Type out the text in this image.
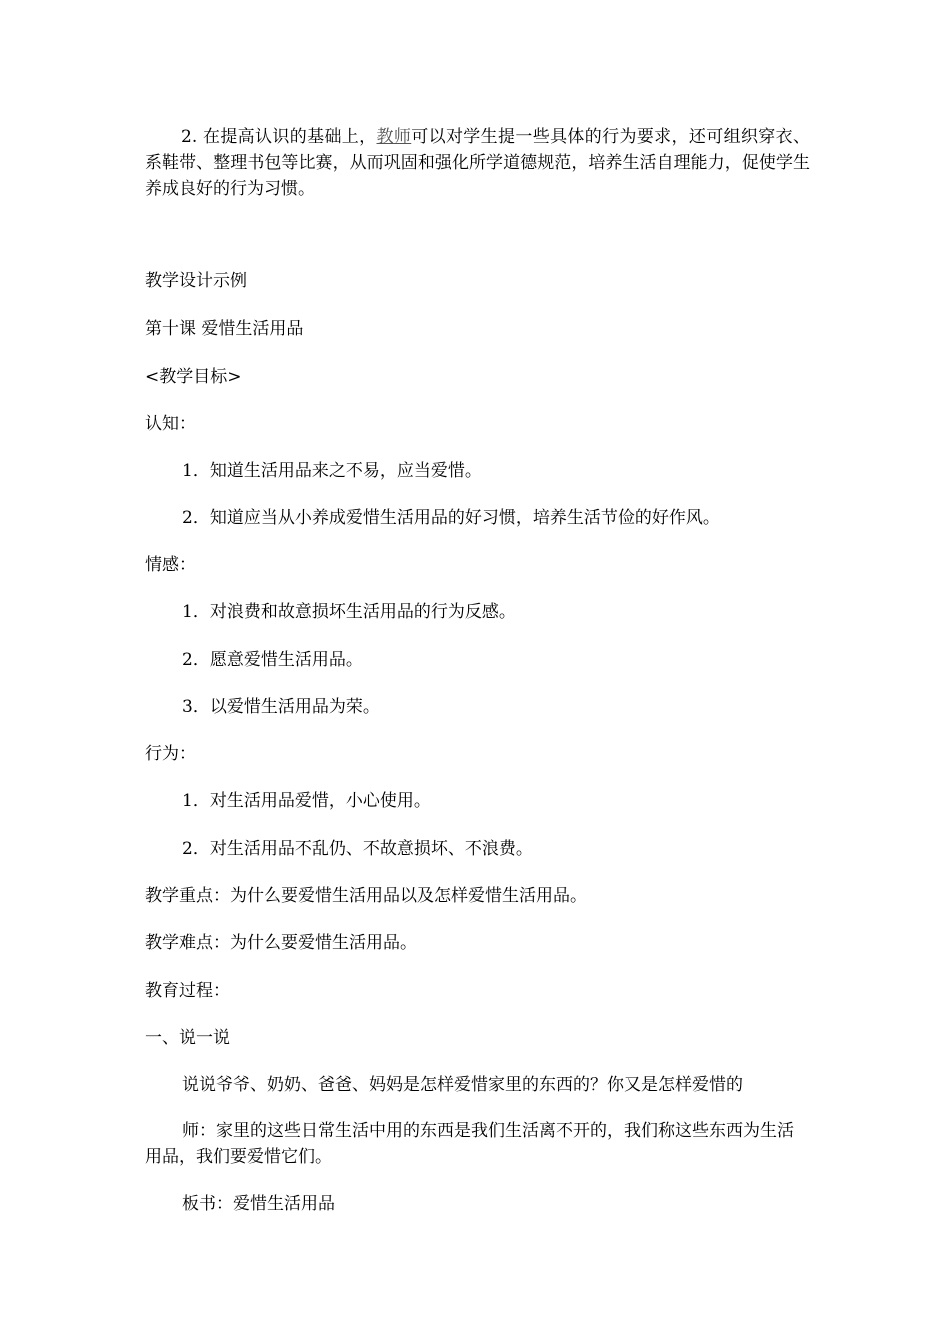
2. 在提高认识的基础上，教师可以对学生提一些具体的行为要求，还可组织穿衣、系鞋带、整理书包等比赛，从而巩固和强化所学道德规范，培养生活自理能力，促使学生养成良好的行为习惯。

教学设计示例
第十课 爱惜生活用品
<教学目标>
认知：
1．知道生活用品来之不易，应当爱惜。
2．知道应当从小养成爱惜生活用品的好习惯，培养生活节俭的好作风。
情感：
1．对浪费和故意损坏生活用品的行为反感。
2．愿意爱惜生活用品。
3．以爱惜生活用品为荣。
行为：
1．对生活用品爱惜，小心使用。
2．对生活用品不乱仍、不故意损坏、不浪费。
教学重点：为什么要爱惜生活用品以及怎样爱惜生活用品。
教学难点：为什么要爱惜生活用品。
教育过程：
一、说一说
说说爷爷、奶奶、爸爸、妈妈是怎样爱惜家里的东西的？你又是怎样爱惜的

师：家里的这些日常生活中用的东西是我们生活离不开的，我们称这些东西为生活用品，我们要爱惜它们。

板书：爱惜生活用品
